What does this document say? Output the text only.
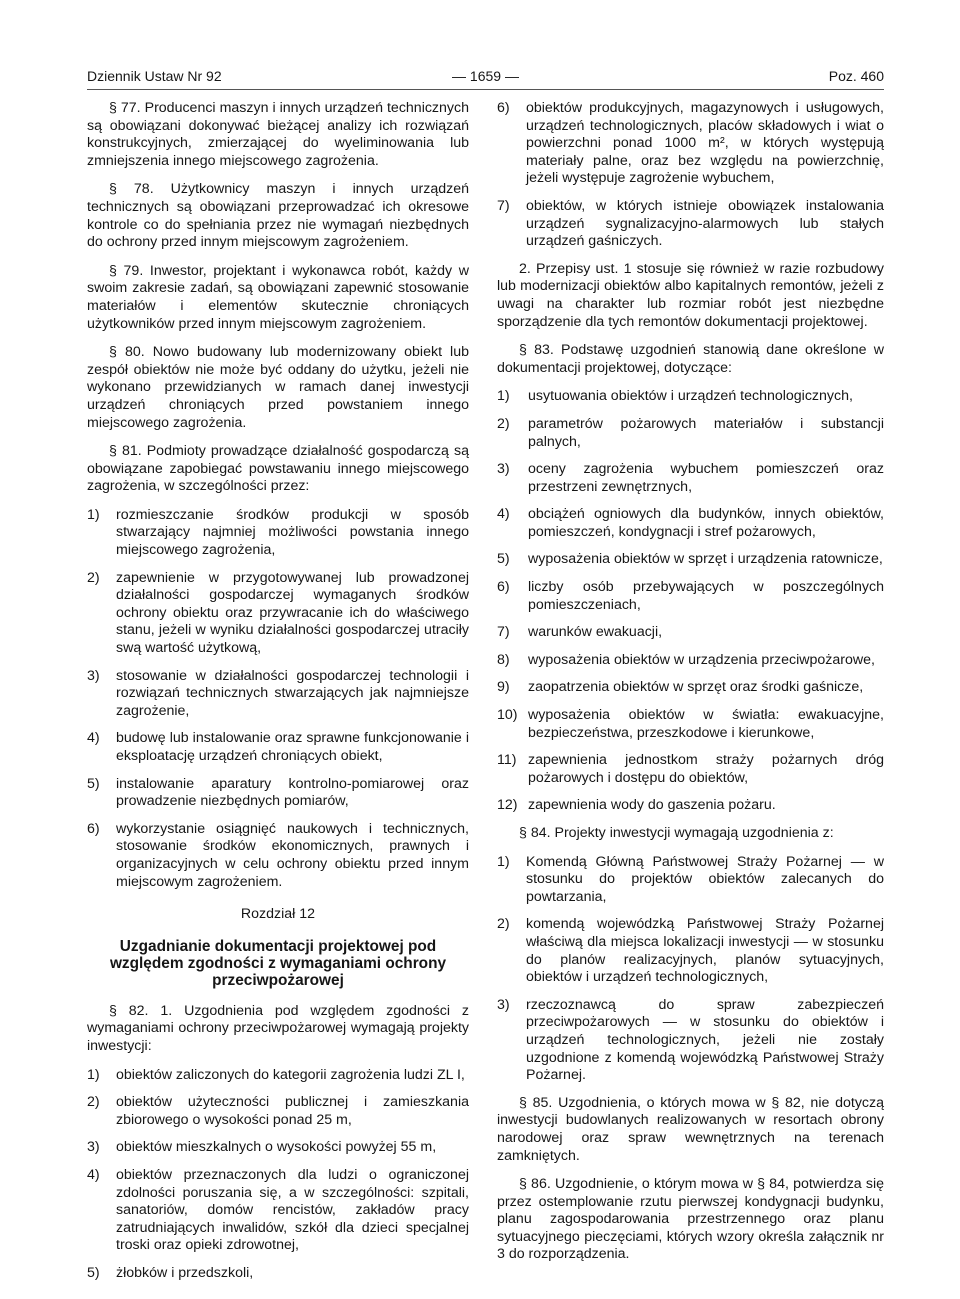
Dziennik Ustaw Nr 92	— 1659 —	Poz. 460

§ 77. Producenci maszyn i innych urządzeń technicznych są obowiązani dokonywać bieżącej analizy ich rozwiązań konstrukcyjnych, zmierzającej do wyeliminowania lub zmniejszenia innego miejscowego zagrożenia.

§ 78. Użytkownicy maszyn i innych urządzeń technicznych są obowiązani przeprowadzać ich okresowe kontrole co do spełniania przez nie wymagań niezbędnych do ochrony przed innym miejscowym zagrożeniem.

§ 79. Inwestor, projektant i wykonawca robót, każdy w swoim zakresie zadań, są obowiązani zapewnić stosowanie materiałów i elementów skutecznie chroniących użytkowników przed innym miejscowym zagrożeniem.

§ 80. Nowo budowany lub modernizowany obiekt lub zespół obiektów nie może być oddany do użytku, jeżeli nie wykonano przewidzianych w ramach danej inwestycji urządzeń chroniących przed powstaniem innego miejscowego zagrożenia.

§ 81. Podmioty prowadzące działalność gospodarczą są obowiązane zapobiegać powstawaniu innego miejscowego zagrożenia, w szczególności przez:

1)	rozmieszczanie środków produkcji w sposób stwarzający najmniej możliwości powstania innego miejscowego zagrożenia,
2)	zapewnienie w przygotowywanej lub prowadzonej działalności gospodarczej wymaganych środków ochrony obiektu oraz przywracanie ich do właściwego stanu, jeżeli w wyniku działalności gospodarczej utraciły swą wartość użytkową,
3)	stosowanie w działalności gospodarczej technologii i rozwiązań technicznych stwarzających jak najmniejsze zagrożenie,
4)	budowę lub instalowanie oraz sprawne funkcjonowanie i eksploatację urządzeń chroniących obiekt,
5)	instalowanie aparatury kontrolno-pomiarowej oraz prowadzenie niezbędnych pomiarów,
6)	wykorzystanie osiągnięć naukowych i technicznych, stosowanie środków ekonomicznych, prawnych i organizacyjnych w celu ochrony obiektu przed innym miejscowym zagrożeniem.
Rozdział 12
Uzgadnianie dokumentacji projektowej pod względem zgodności z wymaganiami ochrony przeciwpożarowej

§ 82. 1. Uzgodnienia pod względem zgodności z wymaganiami ochrony przeciwpożarowej wymagają projekty inwestycji:

1)	obiektów zaliczonych do kategorii zagrożenia ludzi ZL I,
2)	obiektów użyteczności publicznej i zamieszkania zbiorowego o wysokości ponad 25 m,
3)	obiektów mieszkalnych o wysokości powyżej 55 m,
4)	obiektów przeznaczonych dla ludzi o ograniczonej zdolności poruszania się, a w szczególności: szpitali, sanatoriów, domów rencistów, zakładów pracy zatrudniających inwalidów, szkół dla dzieci specjalnej troski oraz opieki zdrowotnej,
5)	żłobków i przedszkoli,
6)	obiektów produkcyjnych, magazynowych i usługowych, urządzeń technologicznych, placów składowych i wiat o powierzchni ponad 1000 m², w których występują materiały palne, oraz bez względu na powierzchnię, jeżeli występuje zagrożenie wybuchem,
7)	obiektów, w których istnieje obowiązek instalowania urządzeń sygnalizacyjno-alarmowych lub stałych urządzeń gaśniczych.

2. Przepisy ust. 1 stosuje się również w razie rozbudowy lub modernizacji obiektów albo kapitalnych remontów, jeżeli z uwagi na charakter lub rozmiar robót jest niezbędne sporządzenie dla tych remontów dokumentacji projektowej.

§ 83. Podstawę uzgodnień stanowią dane określone w dokumentacji projektowej, dotyczące:

1)	usytuowania obiektów i urządzeń technologicznych,
2)	parametrów pożarowych materiałów i substancji palnych,
3)	oceny zagrożenia wybuchem pomieszczeń oraz przestrzeni zewnętrznych,
4)	obciążeń ogniowych dla budynków, innych obiektów, pomieszczeń, kondygnacji i stref pożarowych,
5)	wyposażenia obiektów w sprzęt i urządzenia ratownicze,
6)	liczby osób przebywających w poszczególnych pomieszczeniach,
7)	warunków ewakuacji,
8)	wyposażenia obiektów w urządzenia przeciwpożarowe,
9)	zaopatrzenia obiektów w sprzęt oraz środki gaśnicze,
10) wyposażenia obiektów w światła: ewakuacyjne, bezpieczeństwa, przeszkodowe i kierunkowe,
11) zapewnienia jednostkom straży pożarnych dróg pożarowych i dostępu do obiektów,
12) zapewnienia wody do gaszenia pożaru.

§ 84. Projekty inwestycji wymagają uzgodnienia z:

1)	Komendą Główną Państwowej Straży Pożarnej — w stosunku do projektów obiektów zalecanych do powtarzania,
2)	komendą wojewódzką Państwowej Straży Pożarnej właściwą dla miejsca lokalizacji inwestycji — w stosunku do planów realizacyjnych, planów sytuacyjnych, obiektów i urządzeń technologicznych,
3)	rzeczoznawcą do spraw zabezpieczeń przeciwpożarowych — w stosunku do obiektów i urządzeń technologicznych, jeżeli nie zostały uzgodnione z komendą wojewódzką Państwowej Straży Pożarnej.

§ 85. Uzgodnienia, o których mowa w § 82, nie dotyczą inwestycji budowlanych realizowanych w resortach obrony narodowej oraz spraw wewnętrznych na terenach zamkniętych.

§ 86. Uzgodnienie, o którym mowa w § 84, potwierdza się przez ostemplowanie rzutu pierwszej kondygnacji budynku, planu zagospodarowania przestrzennego oraz planu sytuacyjnego pieczęciami, których wzory określa załącznik nr 3 do rozporządzenia.
